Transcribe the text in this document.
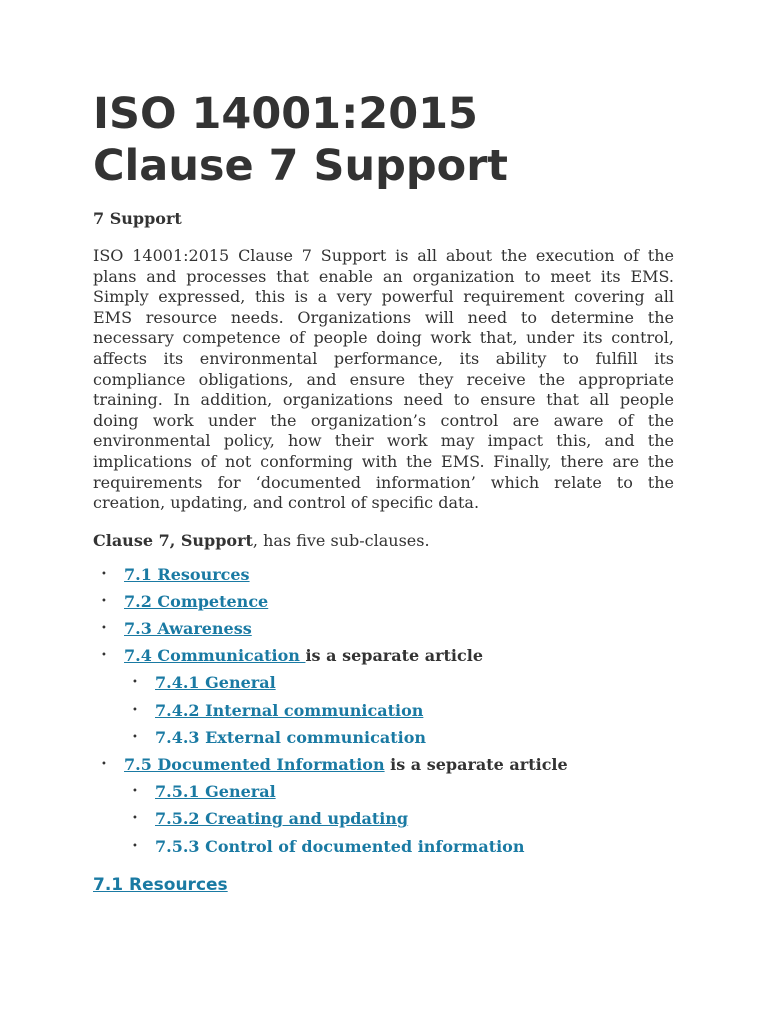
ISO 14001:2015
Clause 7 Support

7 Support

ISO 14001:2015 Clause 7 Support is all about the execution of the plans and processes that enable an organization to meet its EMS. Simply expressed, this is a very powerful requirement covering all EMS resource needs. Organizations will need to determine the necessary competence of people doing work that, under its control, affects its environmental performance, its ability to fulfill its compliance obligations, and ensure they receive the appropriate training. In addition, organizations need to ensure that all people doing work under the organization’s control are aware of the environmental policy, how their work may impact this, and the implications of not conforming with the EMS. Finally, there are the requirements for ‘documented information’ which relate to the creation, updating, and control of specific data.

Clause 7, Support, has five sub-clauses.

• 7.1 Resources
• 7.2 Competence
• 7.3 Awareness
• 7.4 Communication is a separate article
• 7.4.1 General
• 7.4.2 Internal communication
• 7.4.3 External communication
• 7.5 Documented Information is a separate article
• 7.5.1 General
• 7.5.2 Creating and updating
• 7.5.3 Control of documented information

7.1 Resources
